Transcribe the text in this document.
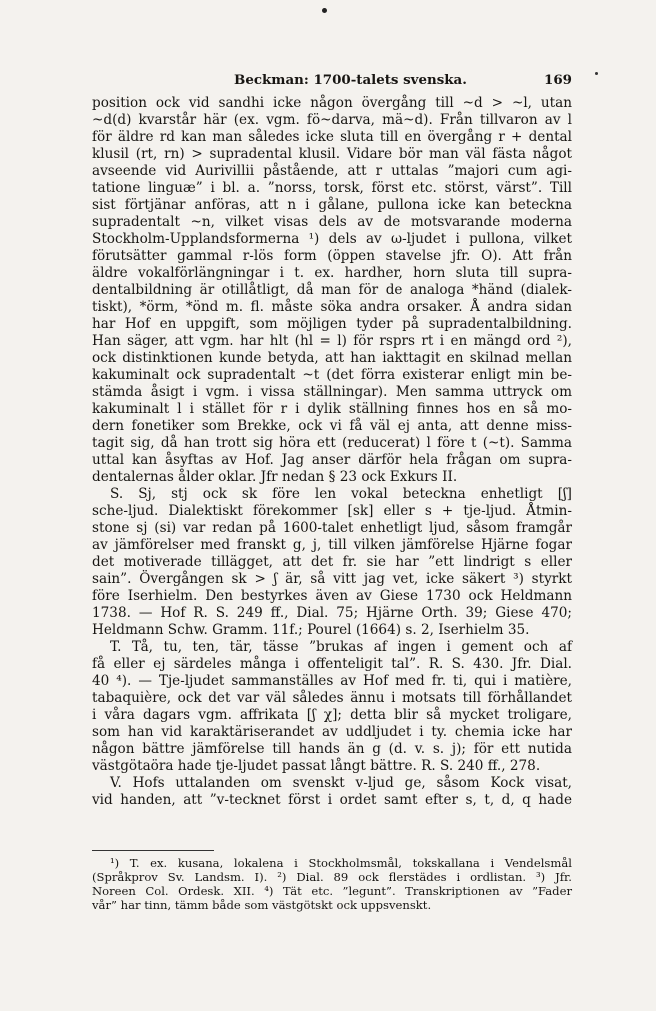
Beckman: 1700-talets svenska.	169
position ock vid sandhi icke någon övergång till ~d > ~l, utan
~d(d) kvarstår här (ex. vgm. fö~darva, mä~d). Från tillvaron av l
för äldre rd kan man således icke sluta till en övergång r + dental
klusil (rt, rn) > supradental klusil. Vidare bör man väl fästa något
avseende vid Aurivillii påstående, att r uttalas ”majori cum agi-
tatione linguæ” i bl. a. ”norss, torsk, först etc. störst, värst”. Till
sist förtjänar anföras, att n i gålane, pullona icke kan beteckna
supradentalt ~n, vilket visas dels av de motsvarande moderna
Stockholm-Upplandsformerna ¹) dels av ω-ljudet i pullona, vilket
förutsätter gammal r-lös form (öppen stavelse jfr. O). Att från
äldre vokalförlängningar i t. ex. hardher, horn sluta till supra-
dentalbildning är otillåtligt, då man för de analoga *händ (dialek-
tiskt), *örm, *önd m. fl. måste söka andra orsaker. Å andra sidan
har Hof en uppgift, som möjligen tyder på supradentalbildning.
Han säger, att vgm. har hlt (hl = l) för rsprs rt i en mängd ord ²),
ock distinktionen kunde betyda, att han iakttagit en skilnad mellan
kakuminalt ock supradentalt ~t (det förra existerar enligt min be-
stämda åsigt i vgm. i vissa ställningar). Men samma uttryck om
kakuminalt l i stället för r i dylik ställning finnes hos en så mo-
dern fonetiker som Brekke, ock vi få väl ej anta, att denne miss-
tagit sig, då han trott sig höra ett (reducerat) l före t (~t). Samma
uttal kan åsyftas av Hof. Jag anser därför hela frågan om supra-
dentalernas ålder oklar. Jfr nedan § 23 ock Exkurs II.
S. Sj, stj ock sk före len vokal beteckna enhetligt [ʃ]
sche-ljud. Dialektiskt förekommer [sk] eller s + tje-ljud. Åtmin-
stone sj (si) var redan på 1600-talet enhetligt ljud, såsom framgår
av jämförelser med franskt g, j, till vilken jämförelse Hjärne fogar
det motiverade tillägget, att det fr. sie har ”ett lindrigt s eller
sain”. Övergången sk > ʃ är, så vitt jag vet, icke säkert ³) styrkt
före Iserhielm. Den bestyrkes även av Giese 1730 ock Heldmann
1738. — Hof R. S. 249 ff., Dial. 75; Hjärne Orth. 39; Giese 470;
Heldmann Schw. Gramm. 11f.; Pourel (1664) s. 2, Iserhielm 35.
T. Tå, tu, ten, tär, tässe ”brukas af ingen i gement och af
få eller ej särdeles många i offenteligit tal”. R. S. 430. Jfr. Dial.
40 ⁴). — Tje-ljudet sammanställes av Hof med fr. ti, qui i matière,
tabaquière, ock det var väl således ännu i motsats till förhållandet
i våra dagars vgm. affrikata [ʃ χ]; detta blir så mycket troligare,
som han vid karaktäriserandet av uddljudet i ty. chemia icke har
någon bättre jämförelse till hands än g (d. v. s. j); för ett nutida
västgötaöra hade tje-ljudet passat långt bättre. R. S. 240 ff., 278.
V. Hofs uttalanden om svenskt v-ljud ge, såsom Kock visat,
vid handen, att ”v-tecknet först i ordet samt efter s, t, d, q hade
¹) T. ex. kusana, lokalena i Stockholmsmål, tokskallana i Vendelsmål
(Språkprov Sv. Landsm. I). ²) Dial. 89 ock flerstädes i ordlistan. ³) Jfr.
Noreen Col. Ordesk. XII. ⁴) Tät etc. ”legunt”. Transkriptionen av ”Fader
vår” har tinn, tämm både som västgötskt ock uppsvenskt.
